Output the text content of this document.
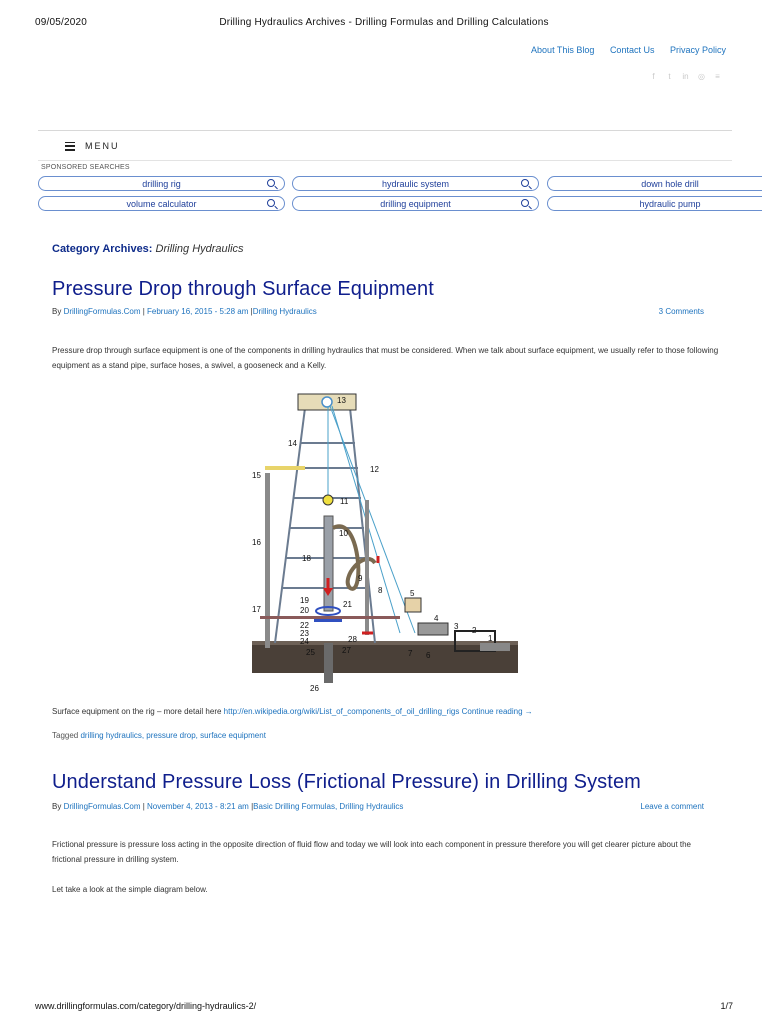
09/05/2020	Drilling Hydraulics Archives - Drilling Formulas and Drilling Calculations
About This Blog Contact Us Privacy Policy
f	t	in ◎ ≡
MENU
SPONSORED SEARCHES
drilling rig	hydraulic system	down hole drill
volume calculator	drilling equipment	hydraulic pump
Category Archives: Drilling Hydraulics
Pressure Drop through Surface Equipment
By DrillingFormulas.Com | February 16, 2015 - 5:28 am |Drilling Hydraulics	3 Comments
Pressure drop through surface equipment is one of the components in drilling hydraulics that must be considered. When we talk about surface equipment, we usually refer to those following equipment as a stand pipe, surface hoses, a swivel, a gooseneck and a Kelly.
1
2
3
4
5
6
7
8
9
10
11
12
13
14
15
16
17
18
19
20
21
22
23
24
25
26
27
28
Surface equipment on the rig – more detail here http://en.wikipedia.org/wiki/List_of_components_of_oil_drilling_rigs Continue reading →
Tagged drilling hydraulics, pressure drop, surface equipment
Understand Pressure Loss (Frictional Pressure) in Drilling System
By DrillingFormulas.Com | November 4, 2013 - 8:21 am |Basic Drilling Formulas, Drilling Hydraulics	Leave a comment
Frictional pressure is pressure loss acting in the opposite direction of fluid flow and today we will look into each component in pressure therefore you will get clearer picture about the frictional pressure in drilling system.
Let take a look at the simple diagram below.
www.drillingformulas.com/category/drilling-hydraulics-2/	1/7
